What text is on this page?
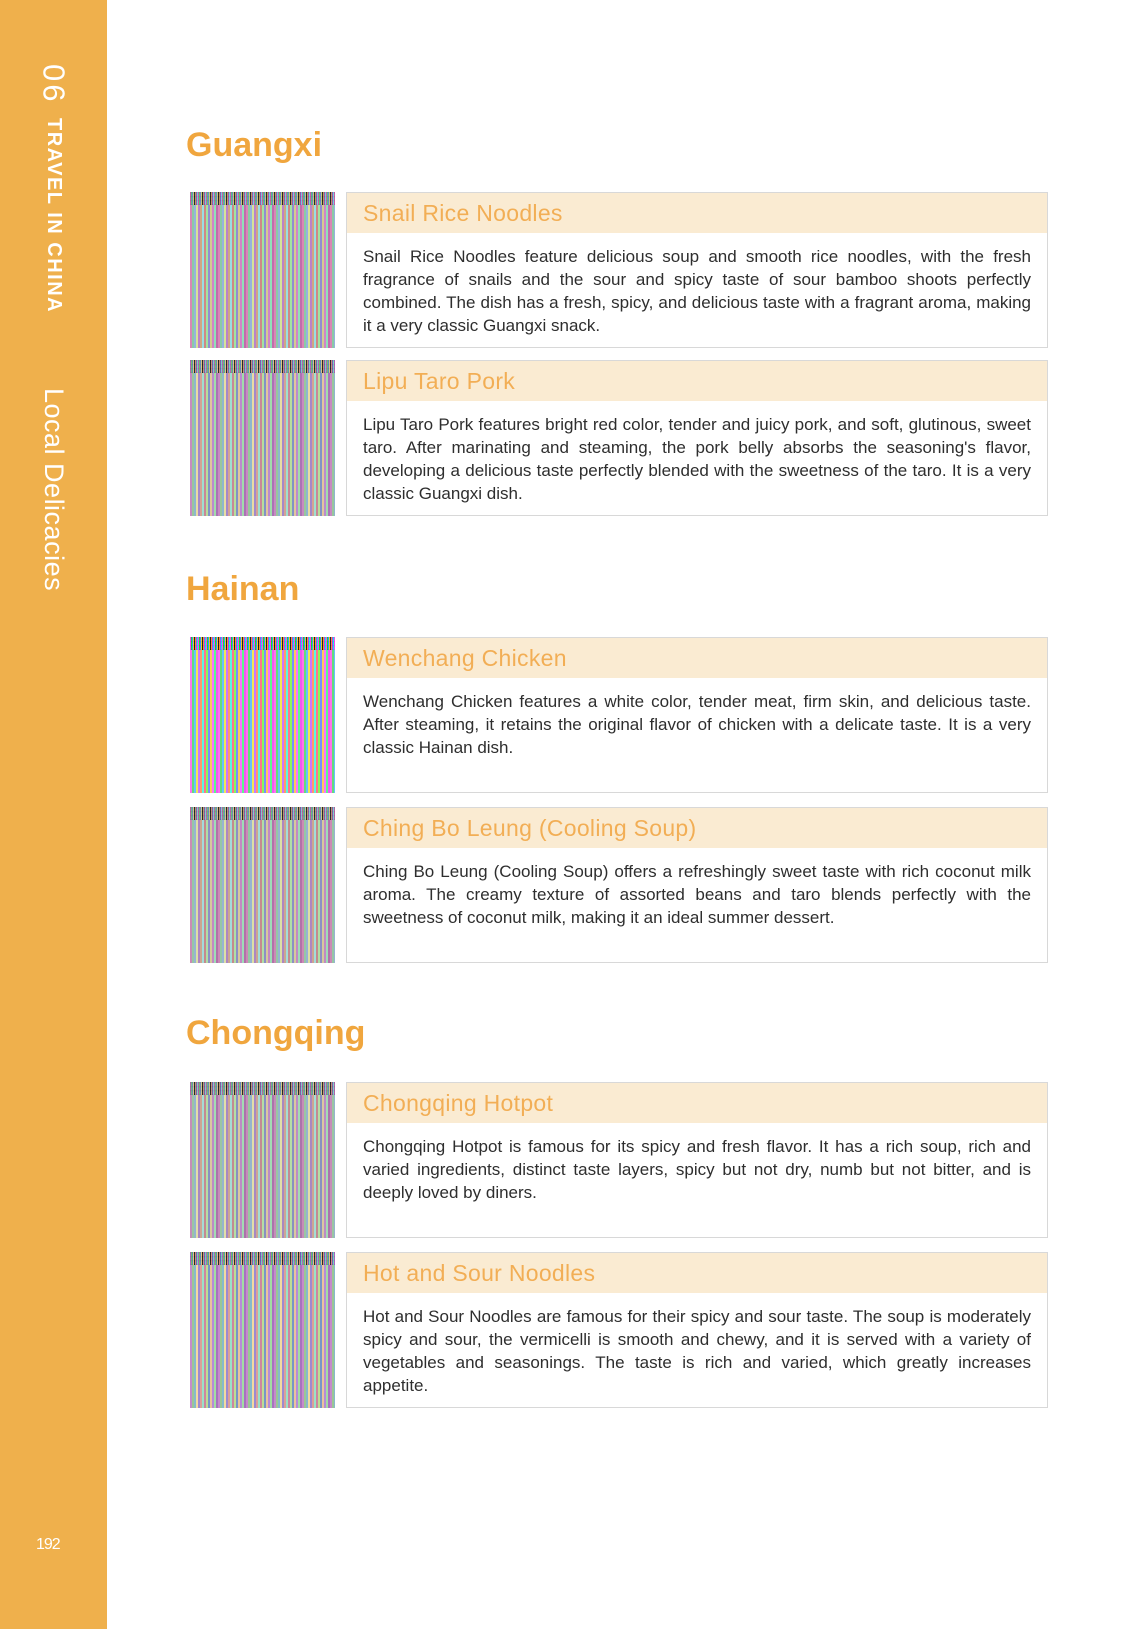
06
TRAVEL IN CHINA
Local Delicacies
192
Guangxi
Hainan
Chongqing
Snail Rice Noodles
Snail Rice Noodles feature delicious soup and smooth rice noodles, with the fresh fragrance of snails and the sour and spicy taste of sour bamboo shoots perfectly combined. The dish has a fresh, spicy, and delicious taste with a fragrant aroma, making it a very classic Guangxi snack.
Lipu Taro Pork
Lipu Taro Pork features bright red color, tender and juicy pork, and soft, glutinous, sweet taro. After marinating and steaming, the pork belly absorbs the seasoning's flavor, developing a delicious taste perfectly blended with the sweetness of the taro. It is a very classic Guangxi dish.
Wenchang Chicken
Wenchang Chicken features a white color, tender meat, firm skin, and delicious taste. After steaming, it retains the original flavor of chicken with a delicate taste. It is a very classic Hainan dish.
Ching Bo Leung (Cooling Soup)
Ching Bo Leung (Cooling Soup) offers a refreshingly sweet taste with rich coconut milk aroma. The creamy texture of assorted beans and taro blends perfectly with the sweetness of coconut milk, making it an ideal summer dessert.
Chongqing Hotpot
Chongqing Hotpot is famous for its spicy and fresh flavor. It has a rich soup, rich and varied ingredients, distinct taste layers, spicy but not dry, numb but not bitter, and is deeply loved by diners.
Hot and Sour Noodles
Hot and Sour Noodles are famous for their spicy and sour taste. The soup is moderately spicy and sour, the vermicelli is smooth and chewy, and it is served with a variety of vegetables and seasonings. The taste is rich and varied, which greatly increases appetite.
